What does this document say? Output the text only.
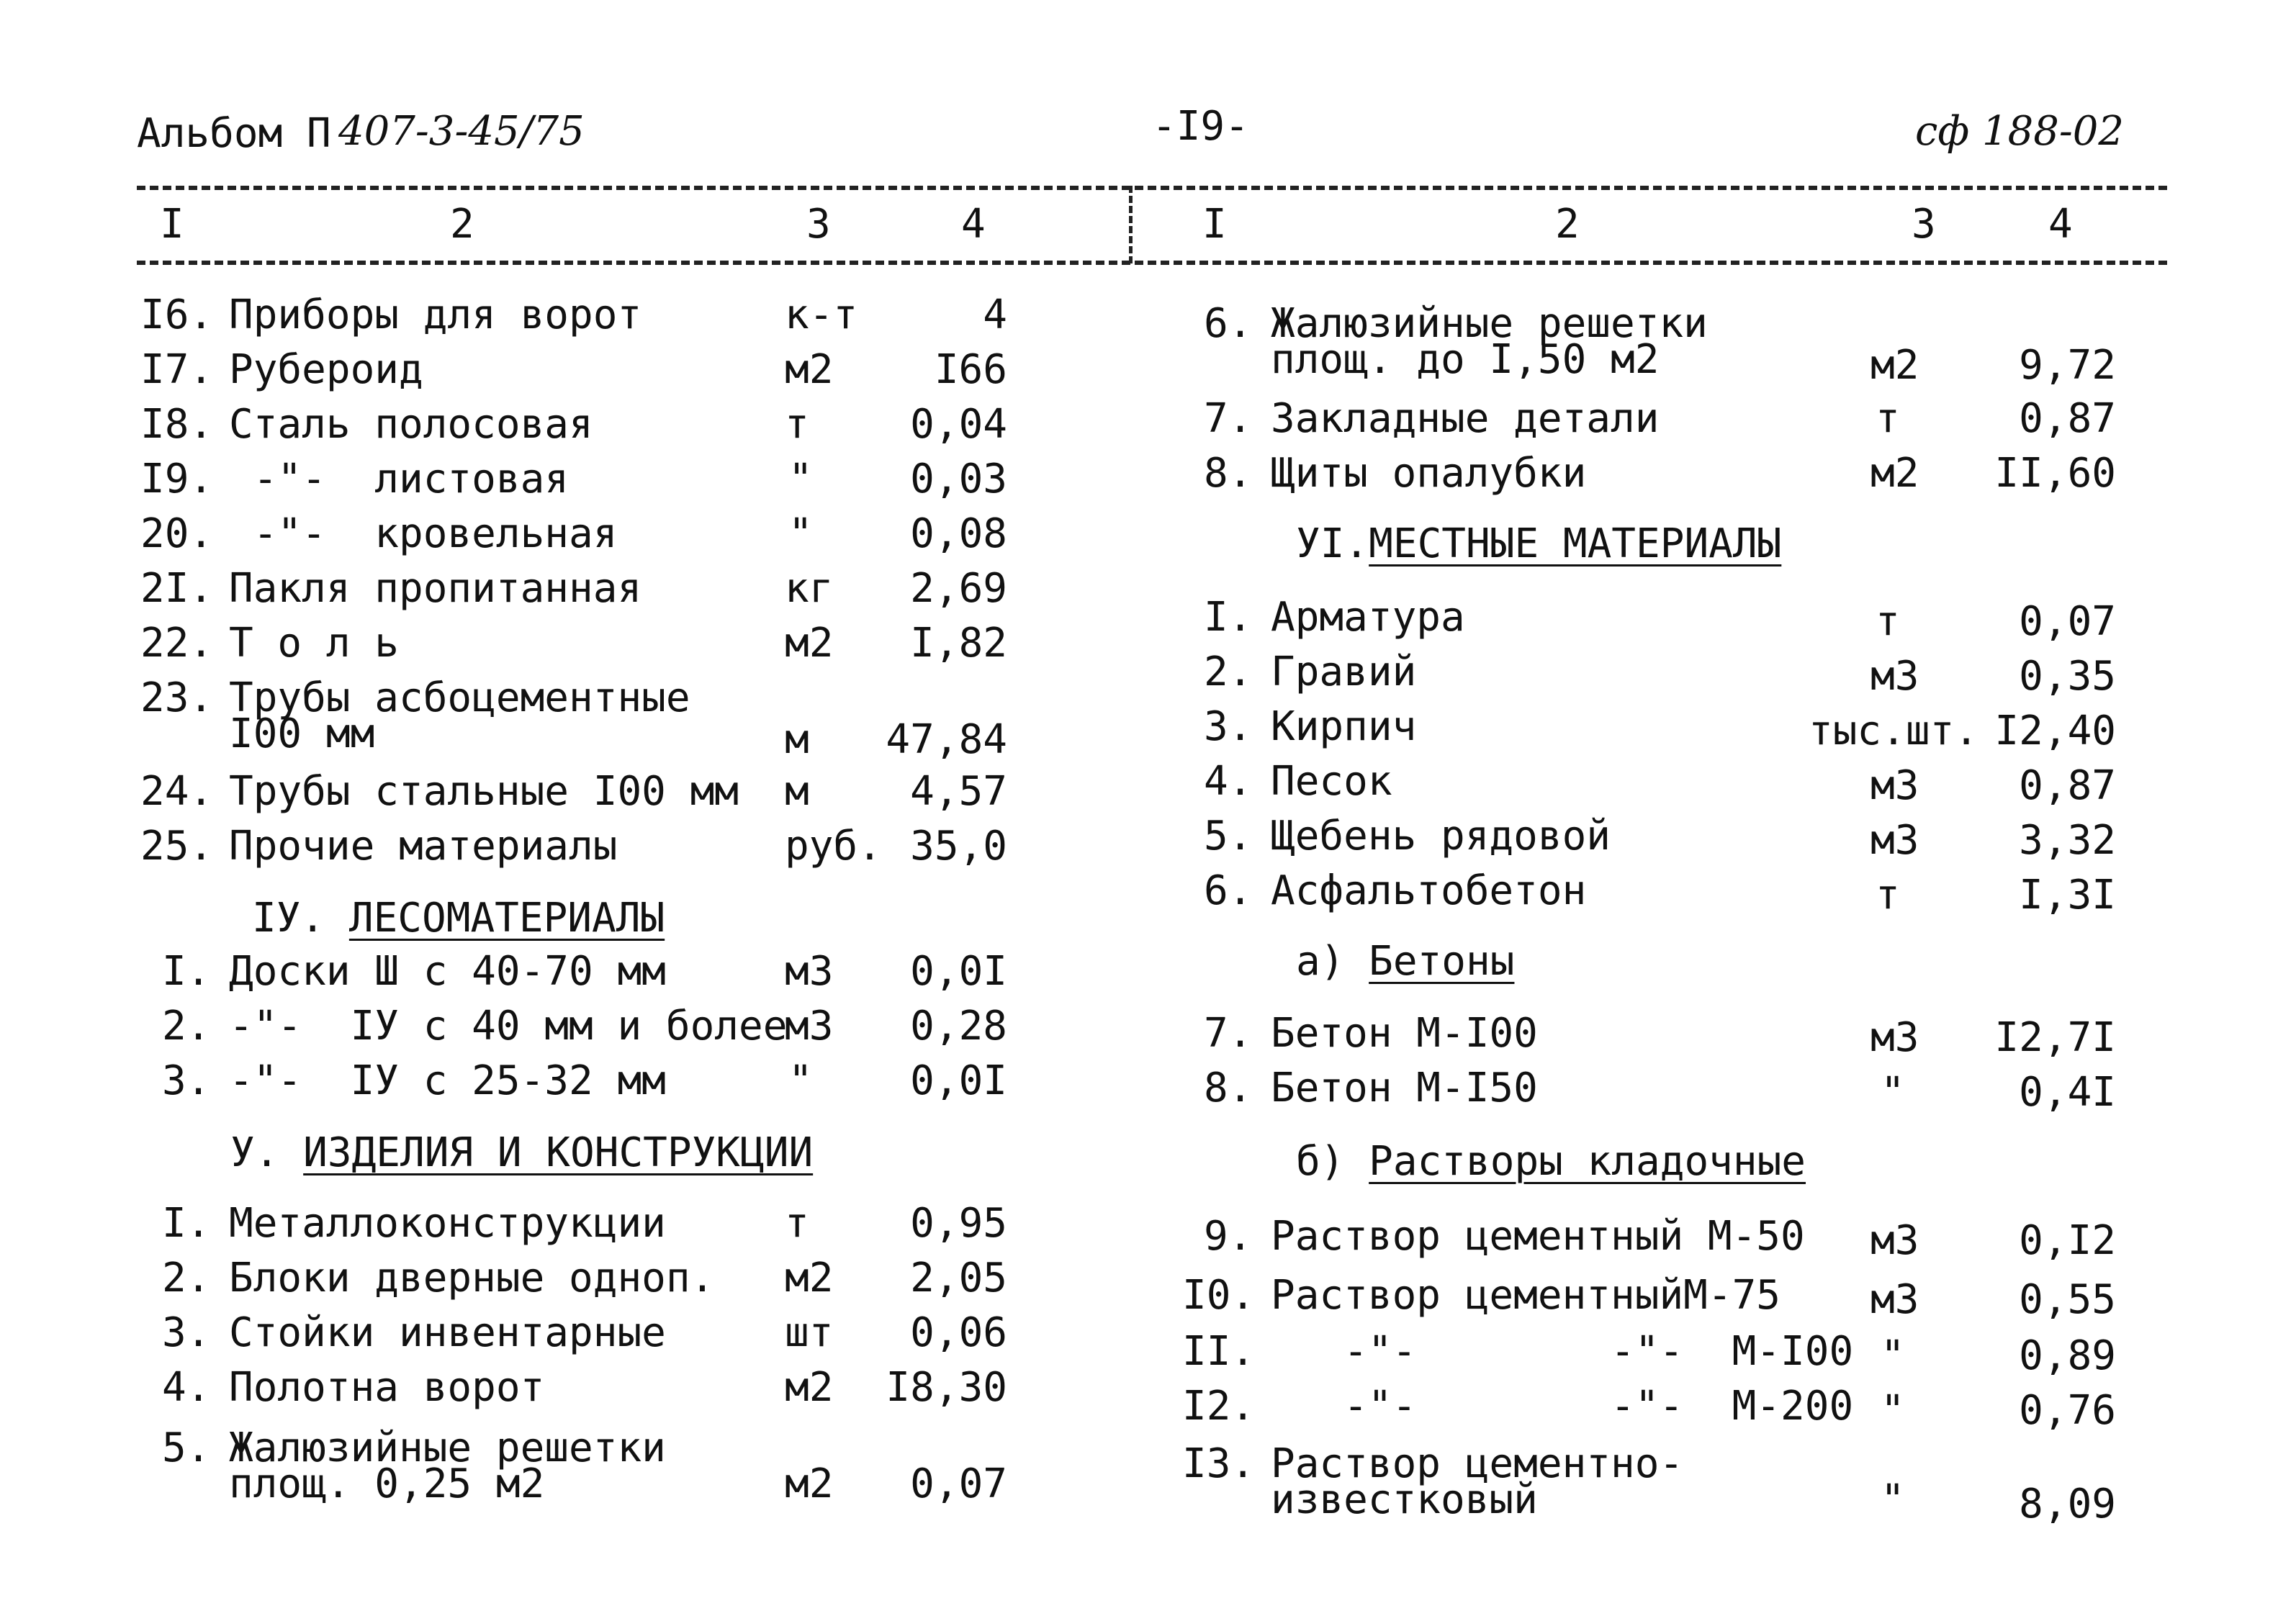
Альбом П 407-3-45/75	-I9-	сф 188-02
I	2	3	4	I	2	3	4
I6. Приборы для ворот	к-т	4
I7. Рубероид	м2	I66
I8. Сталь полосовая	т	0,04
I9. -"-  листовая	" 0,03
20. -"-  кровельная	" 0,08
2I. Пакля пропитанная	кг 2,69
22. Т о л ь	м2 I,82
23. Трубы асбоцементные
I00 мм	м 47,84
24. Трубы стальные I00 мм м	4,57
25. Прочие материалы	руб. 35,0
IУ. ЛЕСОМАТЕРИАЛЫ
I. Доски Ш с 40-70 мм	м3 0,0I
2. -"-  IУ с 40 мм и более
м3 0,28
3. -"-  IУ с 25-32 мм	" 0,0I
У. ИЗДЕЛИЯ И КОНСТРУКЦИИ
I. Металлоконструкции	т	0,95
2. Блоки дверные одноп. м2 2,05
3. Стойки инвентарные	шт 0,06
4. Полотна ворот	м2 I8,30
5. Жалюзийные решетки
площ. 0,25 м2	м2 0,07
6. Жалюзийные решетки
площ. до I,50 м2	м2 9,72
7. Закладные детали	т	0,87
8. Щиты опалубки	м2 II,60
УI.МЕСТНЫЕ МАТЕРИАЛЫ
I. Арматура	т	0,07
2. Гравий	м3 0,35
3. Кирпич	тыс.шт. I2,40
4. Песок	м3 0,87
5. Щебень рядовой	м3 3,32
6. Асфальтобетон	т	I,3I
а) Бетоны
7. Бетон М-I00	м3 I2,7I
8. Бетон М-I50	"	0,4I
б) Растворы кладочные
9. Раствор цементный М-50 м3 0,I2
I0. Раствор цементныйМ-75 м3 0,55
II. -"-        -"-  М-I00 "	0,89
I2. -"-        -"-  М-200 "	0,76
I3. Раствор цементно-
известковый	"	8,09
